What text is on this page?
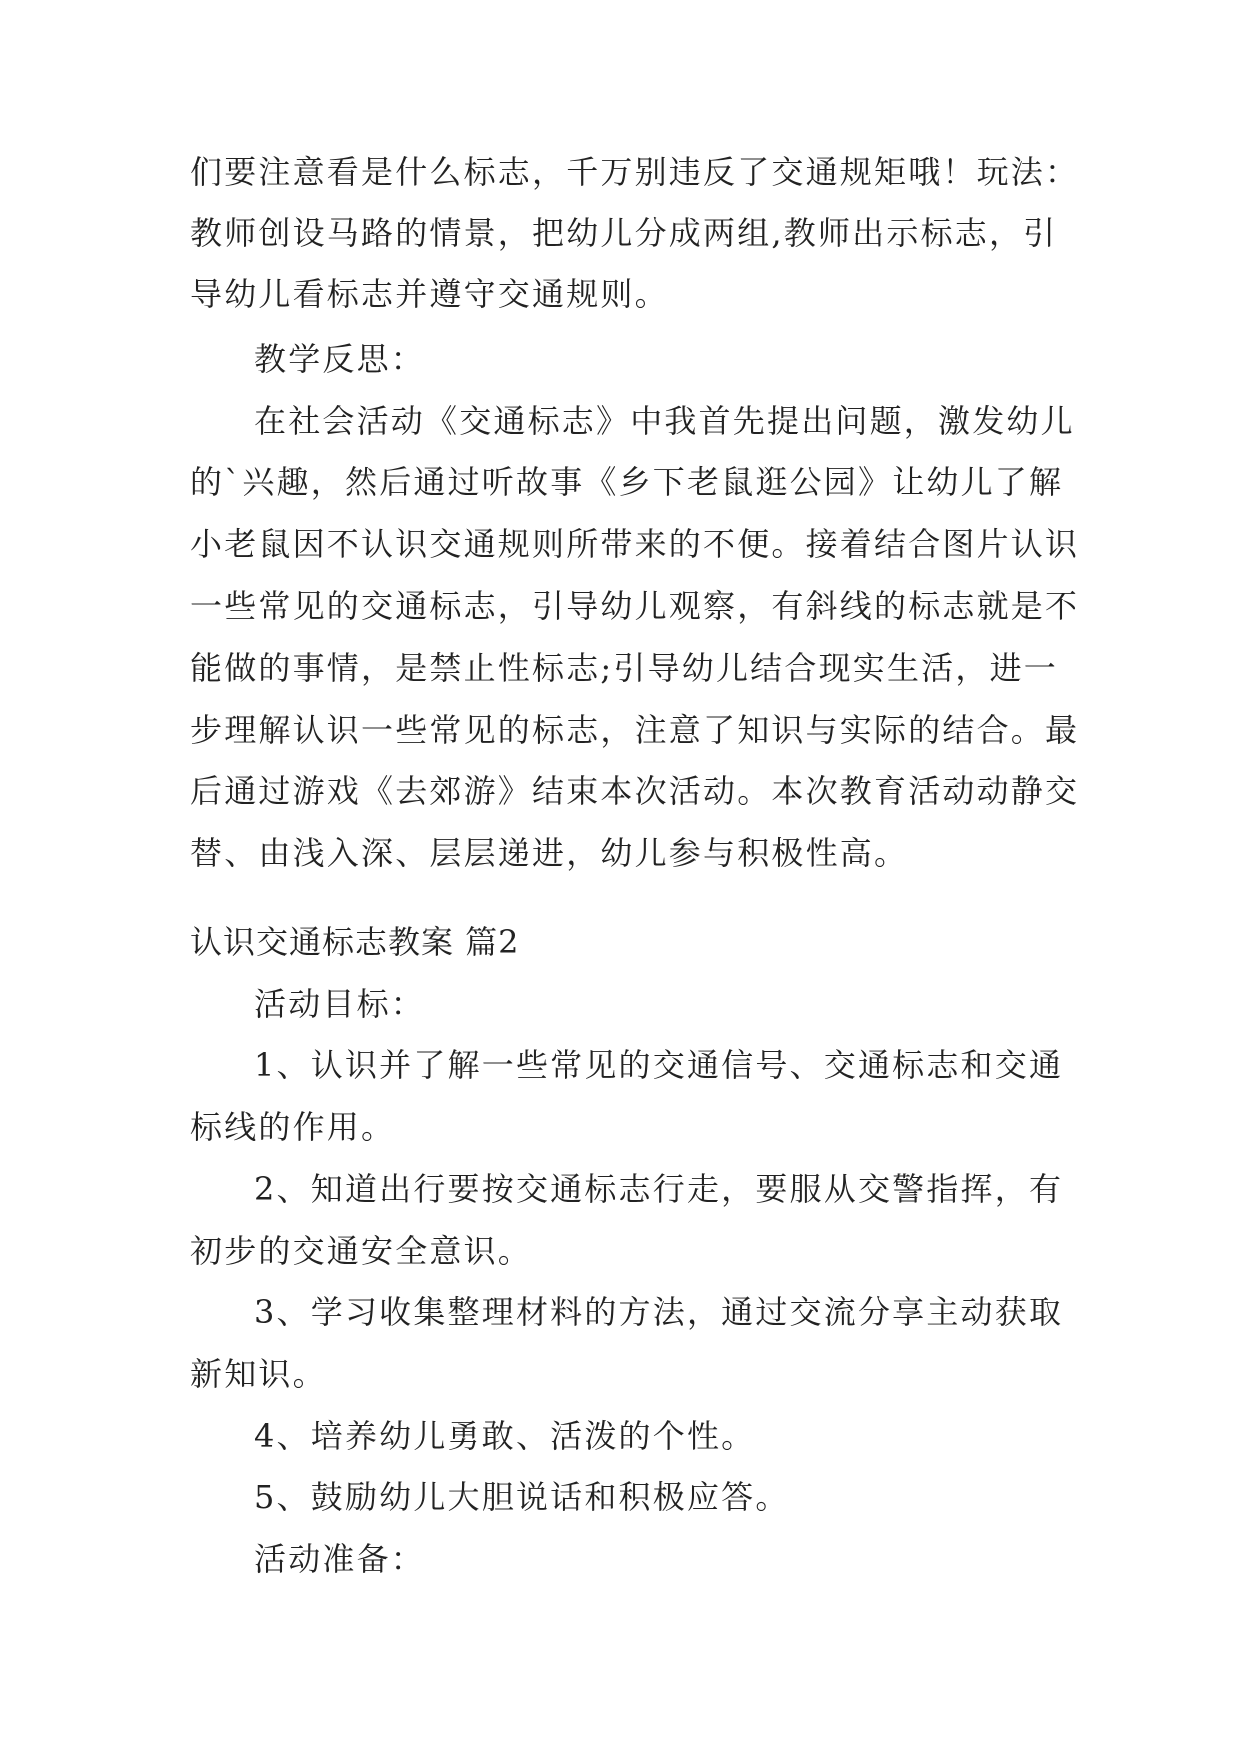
们要注意看是什么标志，千万别违反了交通规矩哦！玩法：
教师创设马路的情景，把幼儿分成两组,教师出示标志，引
导幼儿看标志并遵守交通规则。
教学反思：
在社会活动《交通标志》中我首先提出问题，激发幼儿
的`兴趣，然后通过听故事《乡下老鼠逛公园》让幼儿了解
小老鼠因不认识交通规则所带来的不便。接着结合图片认识
一些常见的交通标志，引导幼儿观察，有斜线的标志就是不
能做的事情，是禁止性标志;引导幼儿结合现实生活，进一
步理解认识一些常见的标志，注意了知识与实际的结合。最
后通过游戏《去郊游》结束本次活动。本次教育活动动静交
替、由浅入深、层层递进，幼儿参与积极性高。
认识交通标志教案 篇2
活动目标：
1、认识并了解一些常见的交通信号、交通标志和交通
标线的作用。
2、知道出行要按交通标志行走，要服从交警指挥，有
初步的交通安全意识。
3、学习收集整理材料的方法，通过交流分享主动获取
新知识。
4、培养幼儿勇敢、活泼的个性。
5、鼓励幼儿大胆说话和积极应答。
活动准备：
